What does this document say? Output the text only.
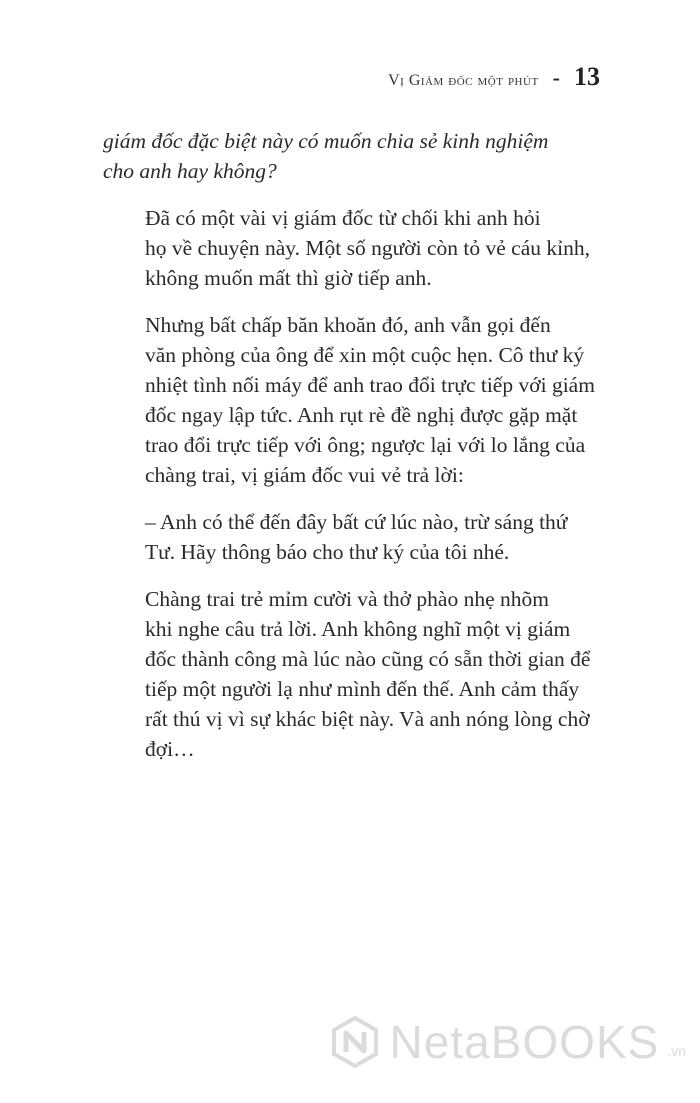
Vị Giám đốc một phút - 13

giám đốc đặc biệt này có muốn chia sẻ kinh nghiệm
cho anh hay không?

Đã có một vài vị giám đốc từ chối khi anh hỏi
họ về chuyện này. Một số người còn tỏ vẻ cáu kỉnh,
không muốn mất thì giờ tiếp anh.

Nhưng bất chấp băn khoăn đó, anh vẫn gọi đến
văn phòng của ông để xin một cuộc hẹn. Cô thư ký
nhiệt tình nối máy để anh trao đổi trực tiếp với giám
đốc ngay lập tức. Anh rụt rè đề nghị được gặp mặt
trao đổi trực tiếp với ông; ngược lại với lo lắng của
chàng trai, vị giám đốc vui vẻ trả lời:

– Anh có thể đến đây bất cứ lúc nào, trừ sáng thứ
Tư. Hãy thông báo cho thư ký của tôi nhé.

Chàng trai trẻ mỉm cười và thở phào nhẹ nhõm
khi nghe câu trả lời. Anh không nghĩ một vị giám
đốc thành công mà lúc nào cũng có sẵn thời gian để
tiếp một người lạ như mình đến thế. Anh cảm thấy
rất thú vị vì sự khác biệt này. Và anh nóng lòng chờ
đợi…

NetaBOOKS .vn
